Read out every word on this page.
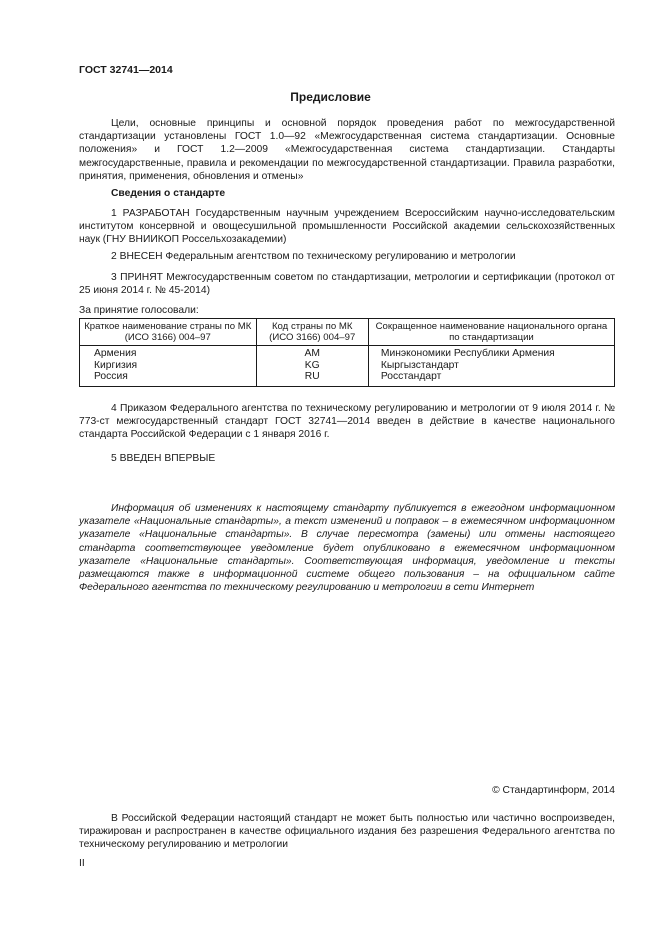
ГОСТ 32741—2014
Предисловие

Цели, основные принципы и основной порядок проведения работ по межгосударственной стандартизации установлены ГОСТ 1.0—92 «Межгосударственная система стандартизации. Основные положения» и ГОСТ 1.2—2009 «Межгосударственная система стандартизации. Стандарты межгосударственные, правила и рекомендации по межгосударственной стандартизации. Правила разработки, принятия, применения, обновления и отмены»

Сведения о стандарте

1 РАЗРАБОТАН Государственным научным учреждением Всероссийским научно-исследовательским институтом консервной и овощесушильной промышленности Российской академии сельскохозяйственных наук (ГНУ ВНИИКОП Россельхозакадемии)

2 ВНЕСЕН Федеральным агентством по техническому регулированию и метрологии

3 ПРИНЯТ Межгосударственным советом по стандартизации, метрологии и сертификации (протокол от 25 июня 2014 г. № 45-2014)

За принятие голосовали:

Краткое наименование страны по МК (ИСО 3166) 004–97	Код страны по МК (ИСО 3166) 004–97	Сокращенное наименование национального органа по стандартизации
Армения	AM	Минэкономики Республики Армения
Киргизия	KG	Кыргызстандарт
Россия	RU	Росстандарт

4 Приказом Федерального агентства по техническому регулированию и метрологии от 9 июля 2014 г. № 773-ст межгосударственный стандарт ГОСТ 32741—2014 введен в действие в качестве национального стандарта Российской Федерации с 1 января 2016 г.

5 ВВЕДЕН ВПЕРВЫЕ

Информация об изменениях к настоящему стандарту публикуется в ежегодном информационном указателе «Национальные стандарты», а текст изменений и поправок – в ежемесячном информационном указателе «Национальные стандарты». В случае пересмотра (замены) или отмены настоящего стандарта соответствующее уведомление будет опубликовано в ежемесячном информационном указателе «Национальные стандарты». Соответствующая информация, уведомление и тексты размещаются также в информационной системе общего пользования – на официальном сайте Федерального агентства по техническому регулированию и метрологии в сети Интернет

© Стандартинформ, 2014

В Российской Федерации настоящий стандарт не может быть полностью или частично воспроизведен, тиражирован и распространен в качестве официального издания без разрешения Федерального агентства по техническому регулированию и метрологии

II
